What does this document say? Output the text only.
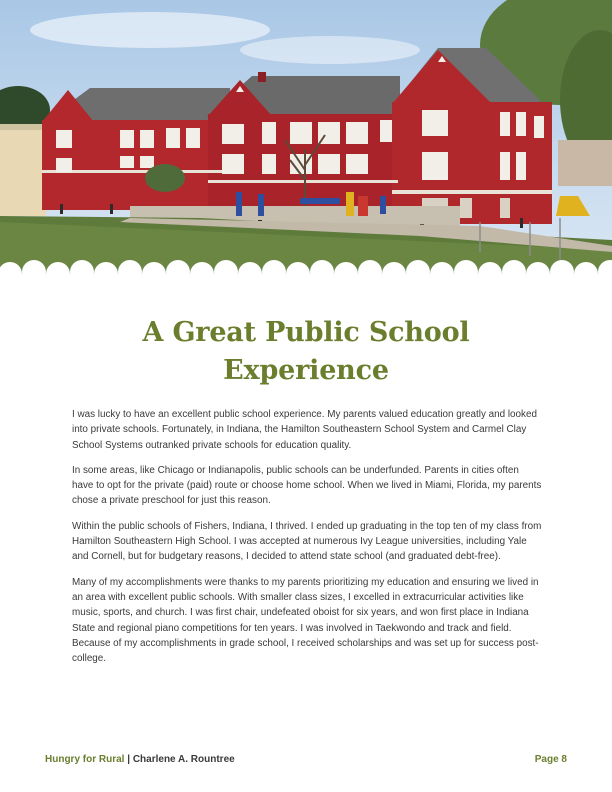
A Great Public School
Experience

I was lucky to have an excellent public school experience. My parents valued education greatly and looked into private schools. Fortunately, in Indiana, the Hamilton Southeastern School System and Carmel Clay School Systems outranked private schools for education quality.

In some areas, like Chicago or Indianapolis, public schools can be underfunded. Parents in cities often have to opt for the private (paid) route or choose home school. When we lived in Miami, Florida, my parents chose a private preschool for just this reason.

Within the public schools of Fishers, Indiana, I thrived. I ended up graduating in the top ten of my class from Hamilton Southeastern High School. I was accepted at numerous Ivy League universities, including Yale and Cornell, but for budgetary reasons, I decided to attend state school (and graduated debt-free).

Many of my accomplishments were thanks to my parents prioritizing my education and ensuring we lived in an area with excellent public schools. With smaller class sizes, I excelled in extracurricular activities like music, sports, and church. I was first chair, undefeated oboist for six years, and won first place in Indiana State and regional piano competitions for ten years. I was involved in Taekwondo and track and field. Because of my accomplishments in grade school, I received scholarships and was set up for success post-college.

Hungry for Rural | Charlene A. Rountree	Page 8
